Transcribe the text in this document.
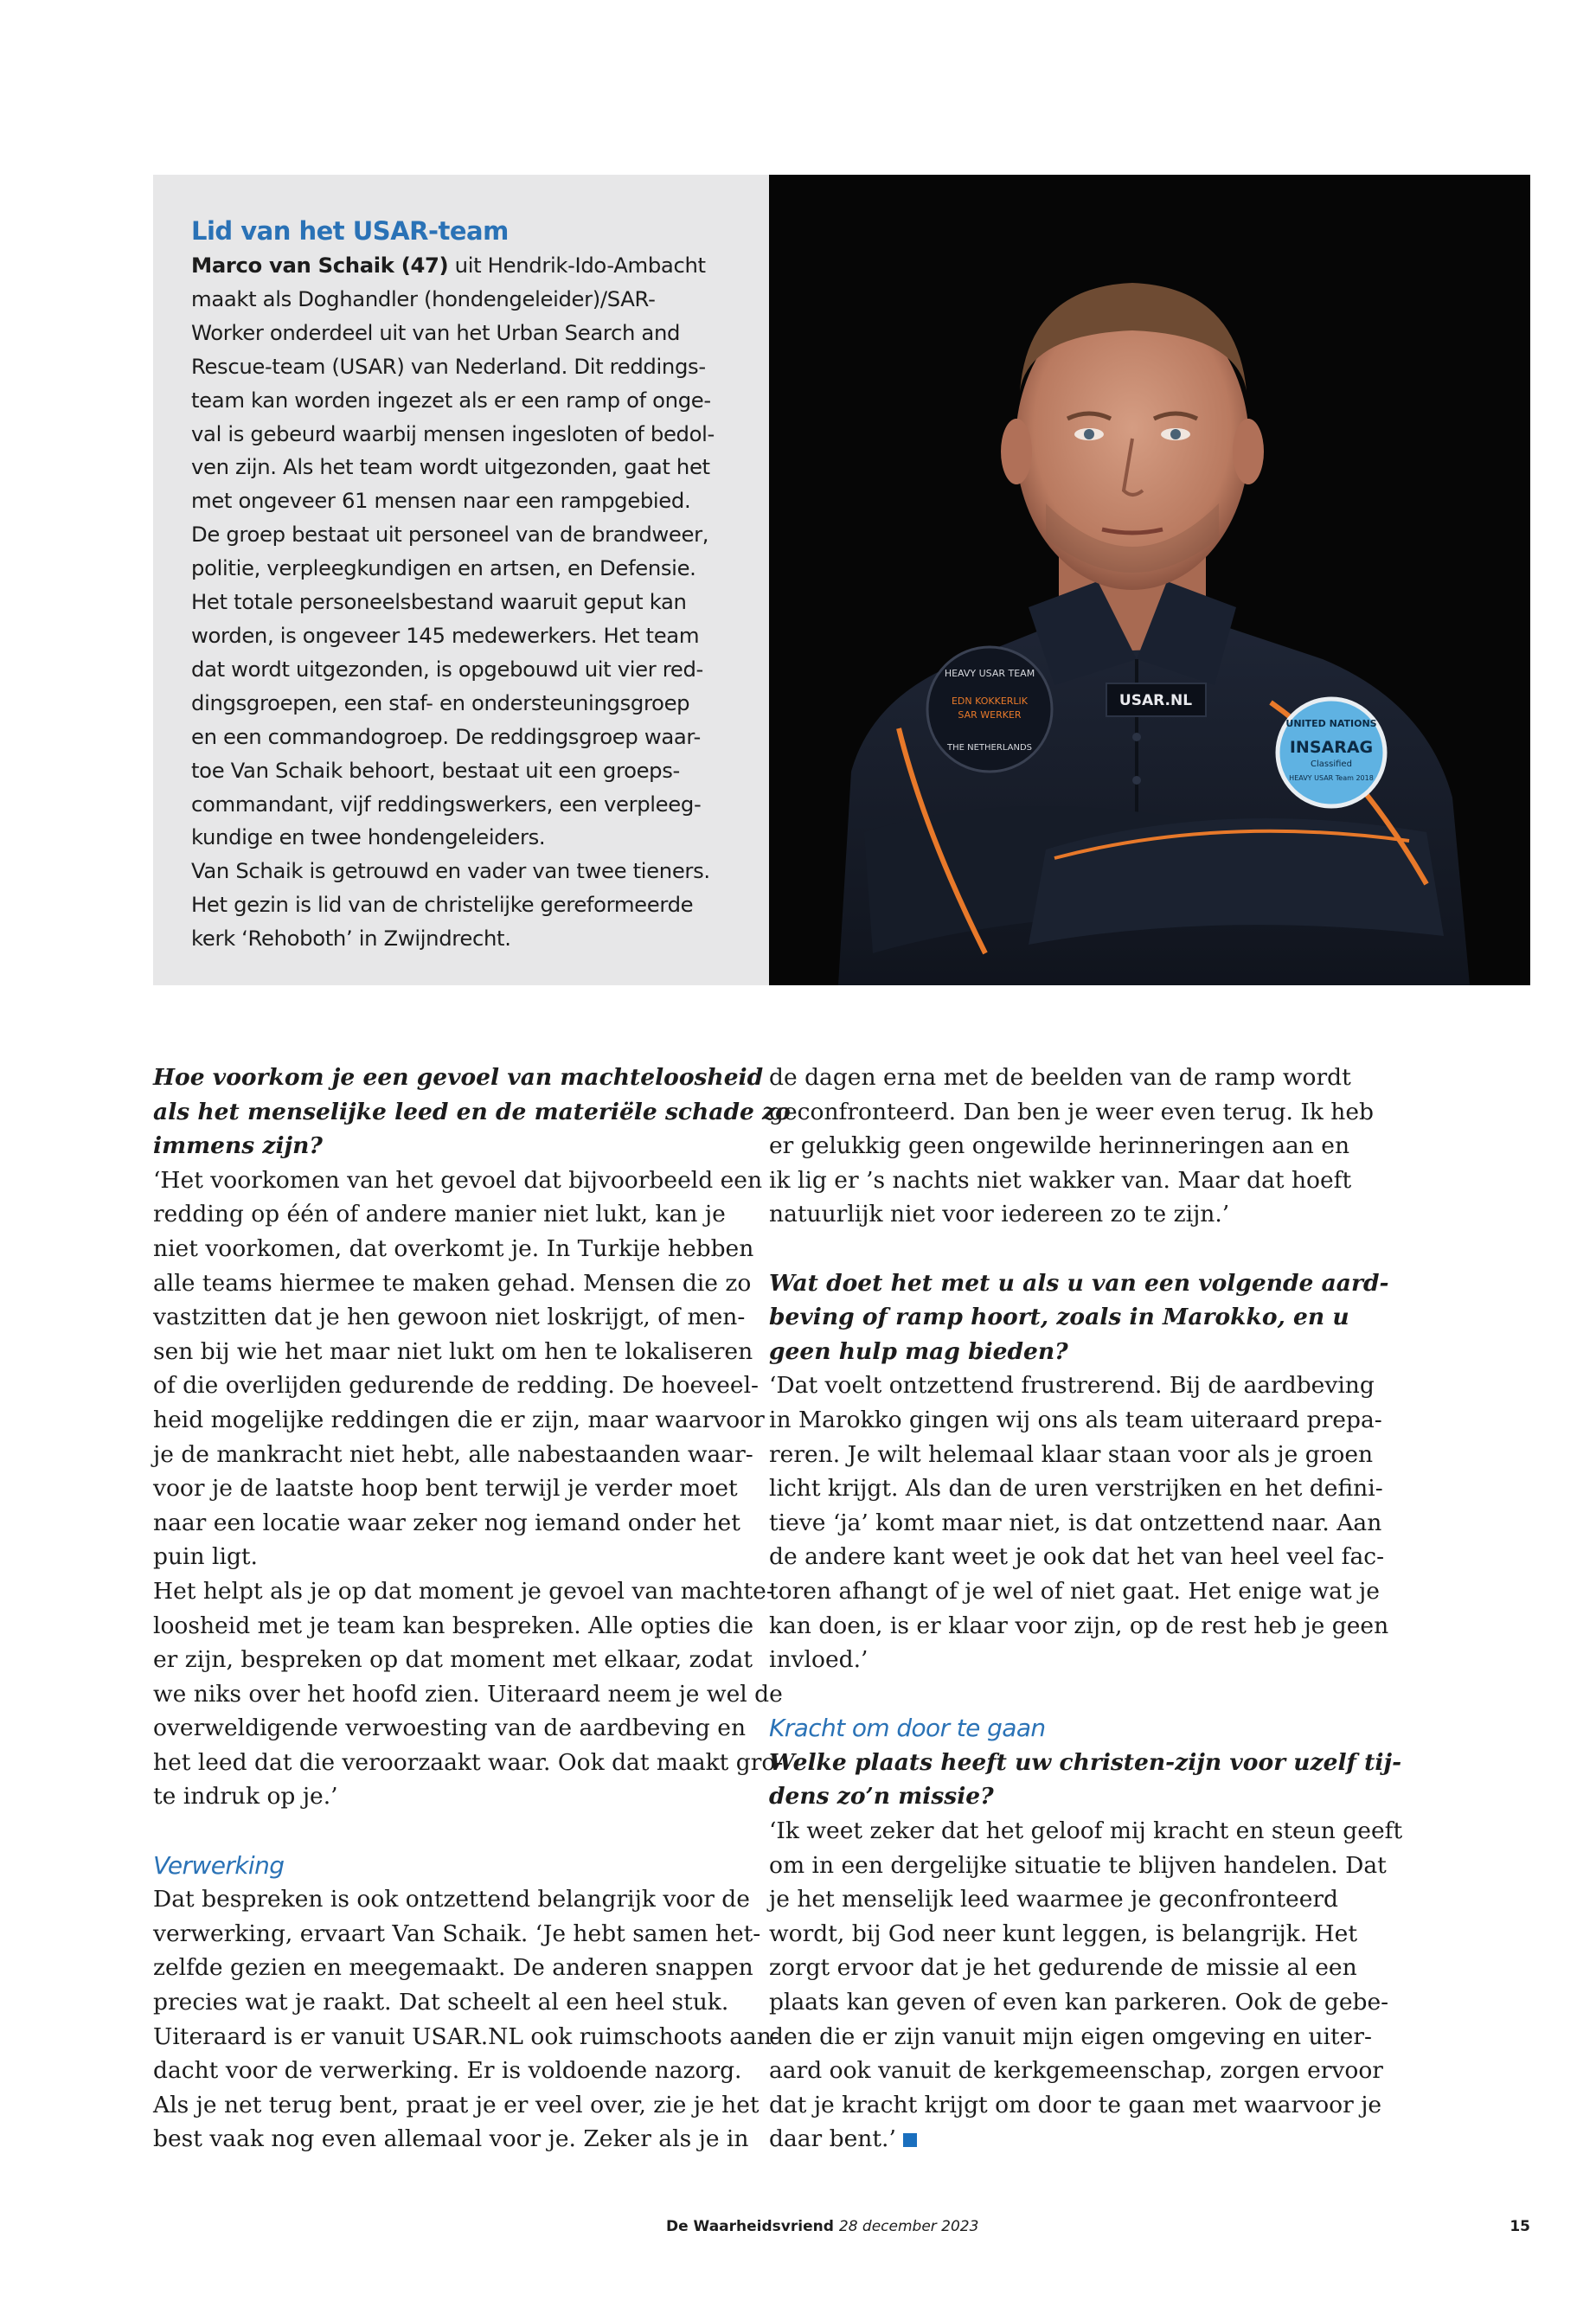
Lid van het USAR-team

Marco van Schaik (47) uit Hendrik-Ido-Ambacht
maakt als Doghandler (hondengeleider)/SAR-
Worker onderdeel uit van het Urban Search and
Rescue-team (USAR) van Nederland. Dit reddings-
team kan worden ingezet als er een ramp of onge-
val is gebeurd waarbij mensen ingesloten of bedol-
ven zijn. Als het team wordt uitgezonden, gaat het
met ongeveer 61 mensen naar een rampgebied.
De groep bestaat uit personeel van de brandweer,
politie, verpleegkundigen en artsen, en Defensie.
Het totale personeelsbestand waaruit geput kan
worden, is ongeveer 145 medewerkers. Het team
dat wordt uitgezonden, is opgebouwd uit vier red-
dingsgroepen, een staf- en ondersteuningsgroep
en een commandogroep. De reddingsgroep waar-
toe Van Schaik behoort, bestaat uit een groeps-
commandant, vijf reddingswerkers, een verpleeg-
kundige en twee hondengeleiders.
Van Schaik is getrouwd en vader van twee tieners.
Het gezin is lid van de christelijke gereformeerde
kerk ‘Rehoboth’ in Zwijndrecht.

HEAVY USAR TEAM
EDN KOKKERLIK
SAR WERKER
THE NETHERLANDS
USAR.NL
UNITED NATIONS
INSARAG
Classified
HEAVY USAR Team 2018
Hoe voorkom je een gevoel van machteloosheid
als het menselijke leed en de materiële schade zo
immens zijn?
‘Het voorkomen van het gevoel dat bijvoorbeeld een
redding op één of andere manier niet lukt, kan je
niet voorkomen, dat overkomt je. In Turkije hebben
alle teams hiermee te maken gehad. Mensen die zo
vastzitten dat je hen gewoon niet loskrijgt, of men-
sen bij wie het maar niet lukt om hen te lokaliseren
of die overlijden gedurende de redding. De hoeveel-
heid mogelijke reddingen die er zijn, maar waarvoor
je de mankracht niet hebt, alle nabestaanden waar-
voor je de laatste hoop bent terwijl je verder moet
naar een locatie waar zeker nog iemand onder het
puin ligt.
Het helpt als je op dat moment je gevoel van machte-
loosheid met je team kan bespreken. Alle opties die
er zijn, bespreken op dat moment met elkaar, zodat
we niks over het hoofd zien. Uiteraard neem je wel de
overweldigende verwoesting van de aardbeving en
het leed dat die veroorzaakt waar. Ook dat maakt gro-
te indruk op je.’
Verwerking
Dat bespreken is ook ontzettend belangrijk voor de
verwerking, ervaart Van Schaik. ‘Je hebt samen het-
zelfde gezien en meegemaakt. De anderen snappen
precies wat je raakt. Dat scheelt al een heel stuk.
Uiteraard is er vanuit USAR.NL ook ruimschoots aan-
dacht voor de verwerking. Er is voldoende nazorg.
Als je net terug bent, praat je er veel over, zie je het
best vaak nog even allemaal voor je. Zeker als je in
de dagen erna met de beelden van de ramp wordt
geconfronteerd. Dan ben je weer even terug. Ik heb
er gelukkig geen ongewilde herinneringen aan en
ik lig er ’s nachts niet wakker van. Maar dat hoeft
natuurlijk niet voor iedereen zo te zijn.’
Wat doet het met u als u van een volgende aard-
beving of ramp hoort, zoals in Marokko, en u
geen hulp mag bieden?
‘Dat voelt ontzettend frustrerend. Bij de aardbeving
in Marokko gingen wij ons als team uiteraard prepa-
reren. Je wilt helemaal klaar staan voor als je groen
licht krijgt. Als dan de uren verstrijken en het defini-
tieve ‘ja’ komt maar niet, is dat ontzettend naar. Aan
de andere kant weet je ook dat het van heel veel fac-
toren afhangt of je wel of niet gaat. Het enige wat je
kan doen, is er klaar voor zijn, op de rest heb je geen
invloed.’
Kracht om door te gaan
Welke plaats heeft uw christen-zijn voor uzelf tij-
dens zo’n missie?
‘Ik weet zeker dat het geloof mij kracht en steun geeft
om in een dergelijke situatie te blijven handelen. Dat
je het menselijk leed waarmee je geconfronteerd
wordt, bij God neer kunt leggen, is belangrijk. Het
zorgt ervoor dat je het gedurende de missie al een
plaats kan geven of even kan parkeren. Ook de gebe-
den die er zijn vanuit mijn eigen omgeving en uiter-
aard ook vanuit de kerkgemeenschap, zorgen ervoor
dat je kracht krijgt om door te gaan met waarvoor je
daar bent.’
De Waarheidsvriend 28 december 2023	15
